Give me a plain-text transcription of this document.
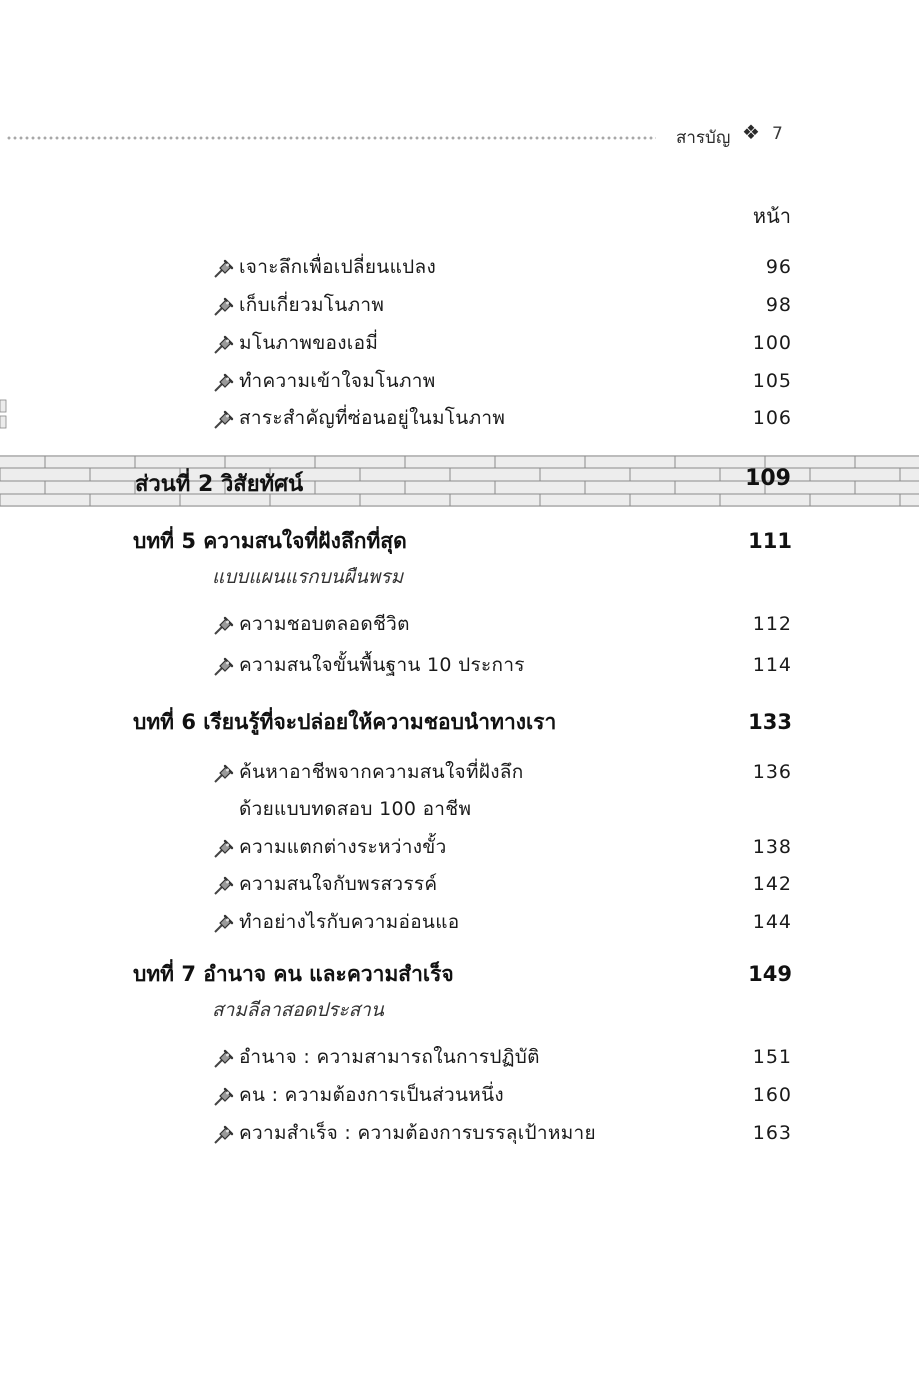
สารบัญ ❖ 7
หน้า
เจาะลึกเพื่อเปลี่ยนแปลง	96
เก็บเกี่ยวมโนภาพ	98
มโนภาพของเอมี่	100
ทำความเข้าใจมโนภาพ	105
สาระสำคัญที่ซ่อนอยู่ในมโนภาพ	106
ส่วนที่ 2 วิสัยทัศน์	109
บทที่ 5 ความสนใจที่ฝังลึกที่สุด	111
แบบแผนแรกบนผืนพรม
ความชอบตลอดชีวิต	112
ความสนใจขั้นพื้นฐาน 10 ประการ	114
บทที่ 6 เรียนรู้ที่จะปล่อยให้ความชอบนำทางเรา	133
ค้นหาอาชีพจากความสนใจที่ฝังลึก	136
ด้วยแบบทดสอบ 100 อาชีพ
ความแตกต่างระหว่างขั้ว	138
ความสนใจกับพรสวรรค์	142
ทำอย่างไรกับความอ่อนแอ	144
บทที่ 7 อำนาจ คน และความสำเร็จ	149
สามลีลาสอดประสาน
อำนาจ : ความสามารถในการปฏิบัติ	151
คน : ความต้องการเป็นส่วนหนึ่ง	160
ความสำเร็จ : ความต้องการบรรลุเป้าหมาย	163
